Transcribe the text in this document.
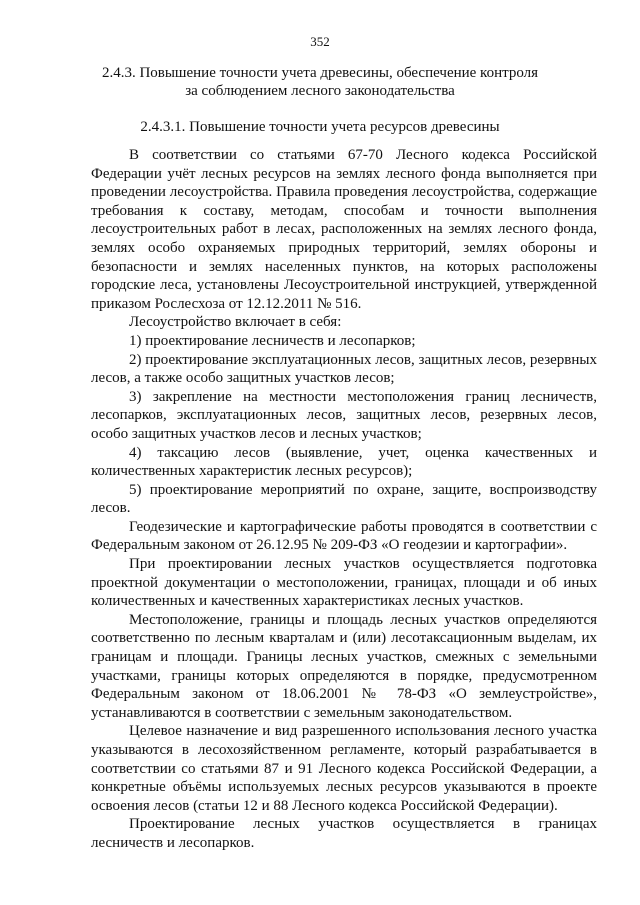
352
2.4.3. Повышение точности учета древесины, обеспечение контроля за соблюдением лесного законодательства
2.4.3.1. Повышение точности учета ресурсов древесины

В соответствии со статьями 67-70 Лесного кодекса Российской Федерации учёт лесных ресурсов на землях лесного фонда выполняется при проведении лесоустройства. Правила проведения лесоустройства, содержащие требования к составу, методам, способам и точности выполнения лесоустроительных работ в лесах, расположенных на землях лесного фонда, землях особо охраняемых природных территорий, землях обороны и безопасности и землях населенных пунктов, на которых расположены городские леса, установлены Лесоустроительной инструкцией, утвержденной приказом Рослесхоза от 12.12.2011 № 516.

Лесоустройство включает в себя:

1) проектирование лесничеств и лесопарков;

2) проектирование эксплуатационных лесов, защитных лесов, резервных лесов, а также особо защитных участков лесов;

3) закрепление на местности местоположения границ лесничеств, лесопарков, эксплуатационных лесов, защитных лесов, резервных лесов, особо защитных участков лесов и лесных участков;

4) таксацию лесов (выявление, учет, оценка качественных и количественных характеристик лесных ресурсов);

5) проектирование мероприятий по охране, защите, воспроизводству лесов.

Геодезические и картографические работы проводятся в соответствии с Федеральным законом от 26.12.95 № 209-ФЗ «О геодезии и картографии».

При проектировании лесных участков осуществляется подготовка проектной документации о местоположении, границах, площади и об иных количественных и качественных характеристиках лесных участков.

Местоположение, границы и площадь лесных участков определяются соответственно по лесным кварталам и (или) лесотаксационным выделам, их границам и площади. Границы лесных участков, смежных с земельными участками, границы которых определяются в порядке, предусмотренном Федеральным законом от 18.06.2001 № 78-ФЗ «О землеустройстве», устанавливаются в соответствии с земельным законодательством.

Целевое назначение и вид разрешенного использования лесного участка указываются в лесохозяйственном регламенте, который разрабатывается в соответствии со статьями 87 и 91 Лесного кодекса Российской Федерации, а конкретные объёмы используемых лесных ресурсов указываются в проекте освоения лесов (статьи 12 и 88 Лесного кодекса Российской Федерации).

Проектирование лесных участков осуществляется в границах лесничеств и лесопарков.
